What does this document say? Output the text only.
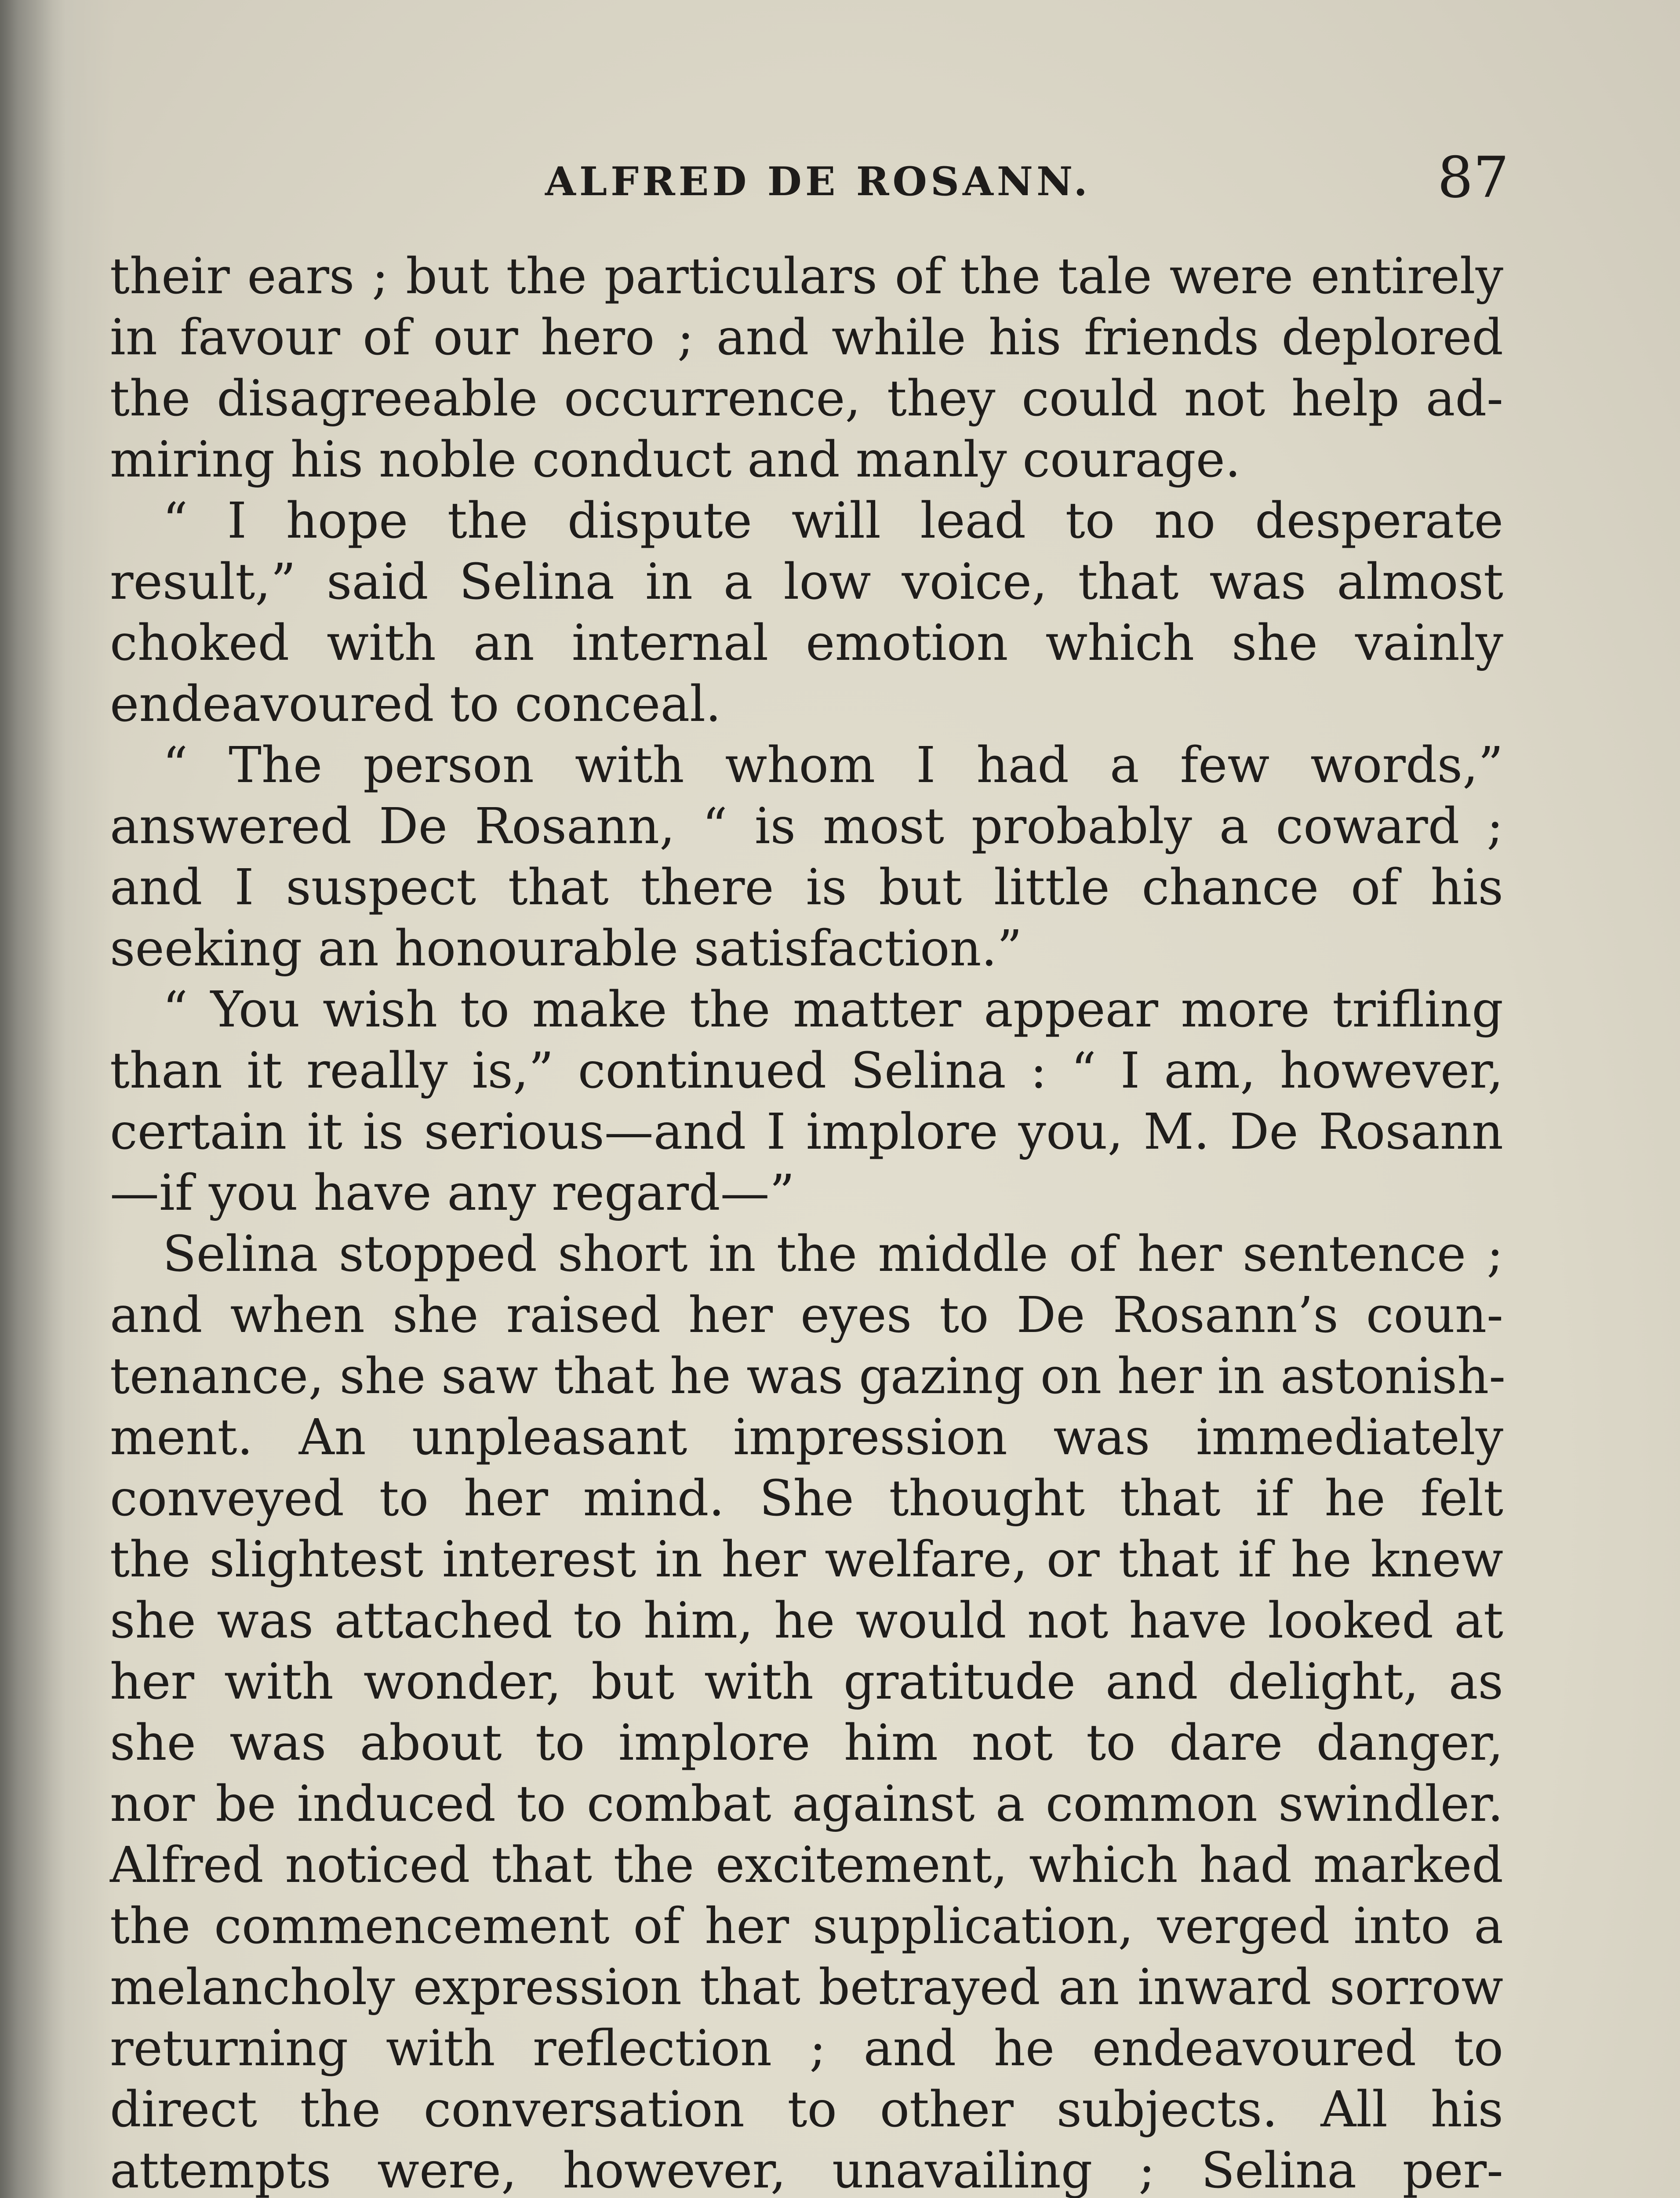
ALFRED DE ROSANN.	87
their ears ; but the particulars of the tale were entirely
in favour of our hero ; and while his friends deplored
the disagreeable occurrence, they could not help ad-
miring his noble conduct and manly courage.
“ I hope the dispute will lead to no desperate
result,” said Selina in a low voice, that was almost
choked with an internal emotion which she vainly
endeavoured to conceal.
“ The person with whom I had a few words,”
answered De Rosann, “ is most probably a coward ;
and I suspect that there is but little chance of his
seeking an honourable satisfaction.”
“ You wish to make the matter appear more trifling
than it really is,” continued Selina : “ I am, however,
certain it is serious—and I implore you, M. De Rosann
—if you have any regard—”
Selina stopped short in the middle of her sentence ;
and when she raised her eyes to De Rosann’s coun-
tenance, she saw that he was gazing on her in astonish-
ment. An unpleasant impression was immediately
conveyed to her mind. She thought that if he felt
the slightest interest in her welfare, or that if he knew
she was attached to him, he would not have looked at
her with wonder, but with gratitude and delight, as
she was about to implore him not to dare danger,
nor be induced to combat against a common swindler.
Alfred noticed that the excitement, which had marked
the commencement of her supplication, verged into a
melancholy expression that betrayed an inward sorrow
returning with reflection ; and he endeavoured to
direct the conversation to other subjects. All his
attempts were, however, unavailing ; Selina per-
